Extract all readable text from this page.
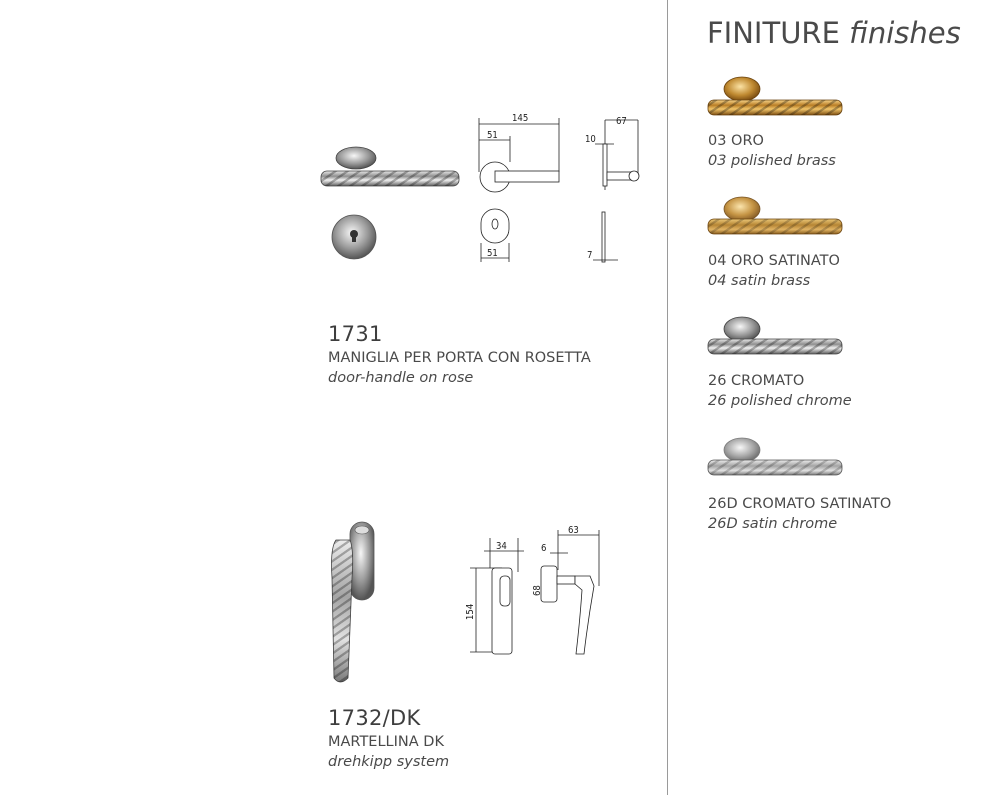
145
51
51
67
10
7
1731
MANIGLIA PER PORTA CON ROSETTA
door-handle on rose
34
154
63
6
68
1732/DK
MARTELLINA DK
drehkipp system
FINITURE finishes
03 ORO
03 polished brass
04 ORO SATINATO
04 satin brass
26 CROMATO
26 polished chrome
26D CROMATO SATINATO
26D satin chrome
